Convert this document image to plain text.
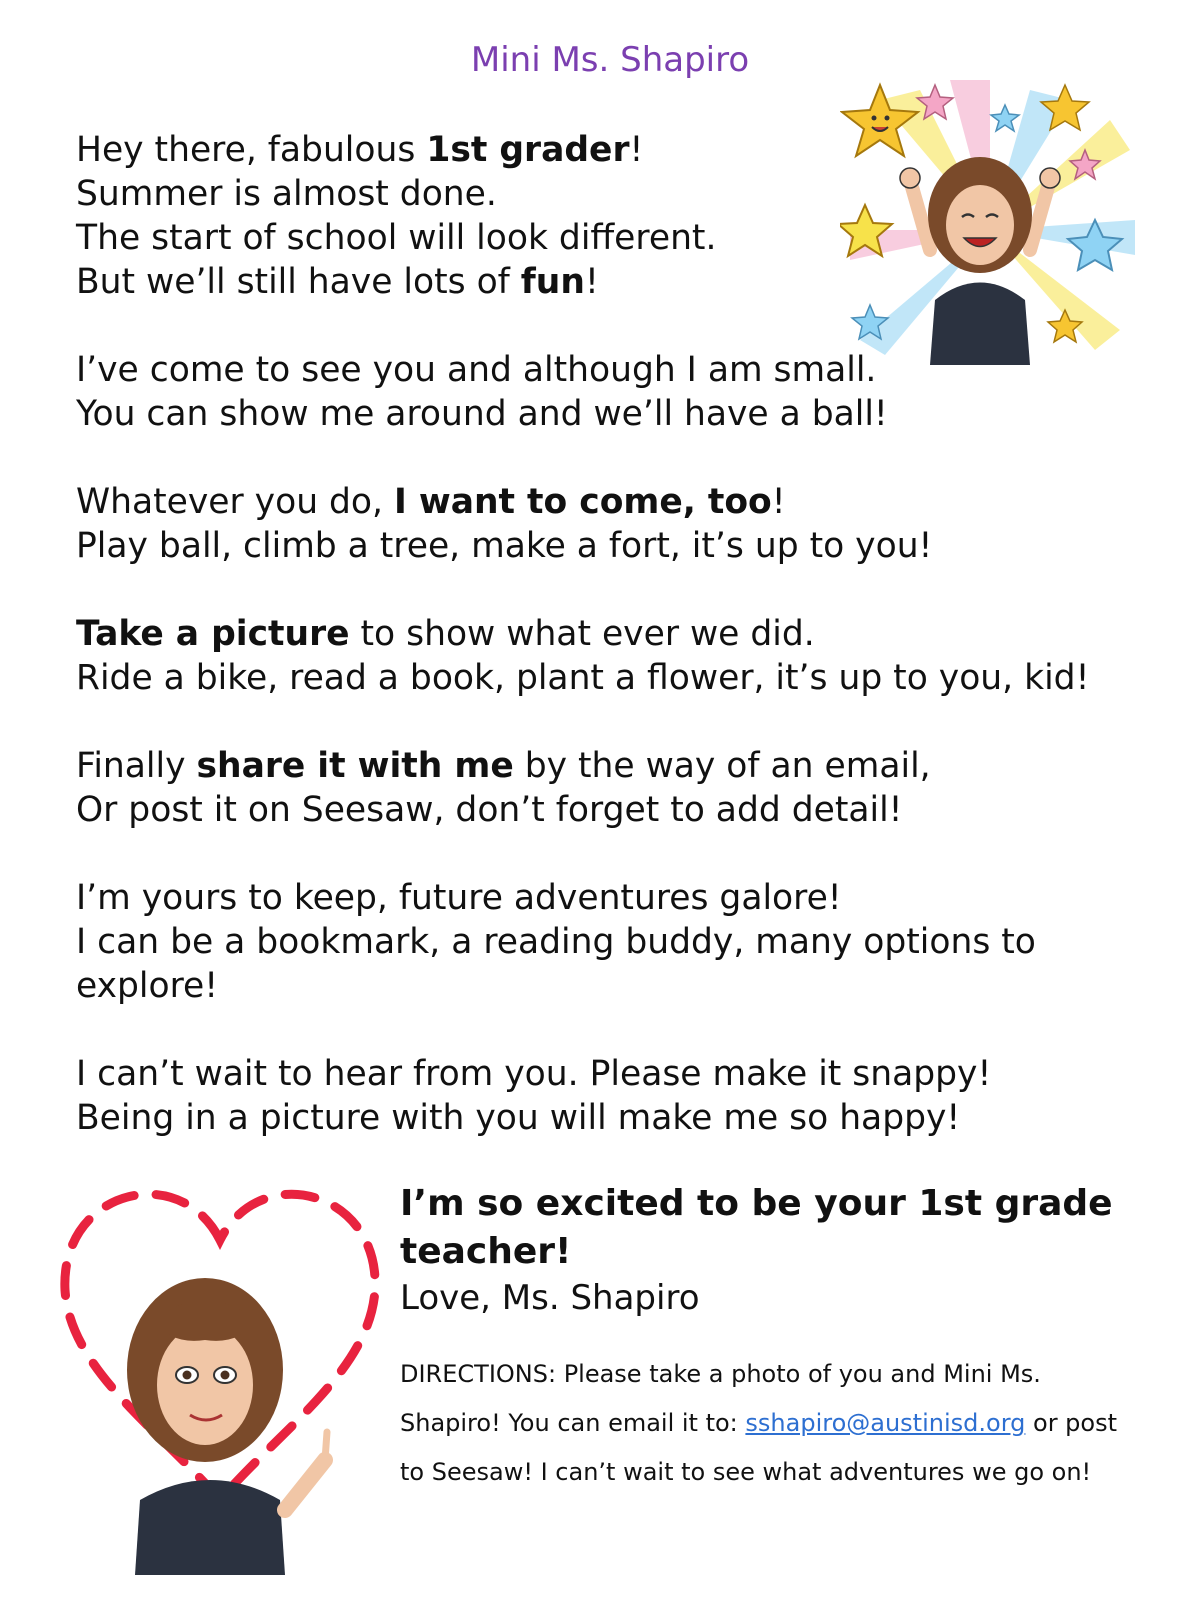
Mini Ms. Shapiro
Hey there, fabulous 1st grader!
Summer is almost done.
The start of school will look different.
But we’ll still have lots of fun!
I’ve come to see you and although I am small.
You can show me around and we’ll have a ball!
Whatever you do, I want to come, too!
Play ball, climb a tree, make a fort, it’s up to you!
Take a picture to show what ever we did.
Ride a bike, read a book, plant a flower, it’s up to you, kid!
Finally share it with me by the way of an email,
Or post it on Seesaw, don’t forget to add detail!
I’m yours to keep, future adventures galore!
I can be a bookmark, a reading buddy, many options to explore!
I can’t wait to hear from you. Please make it snappy!
Being in a picture with you will make me so happy!
I’m so excited to be your 1st grade teacher!
Love, Ms. Shapiro
DIRECTIONS: Please take a photo of you and Mini Ms. Shapiro! You can email it to: sshapiro@austinisd.org or post to Seesaw! I can’t wait to see what adventures we go on!
